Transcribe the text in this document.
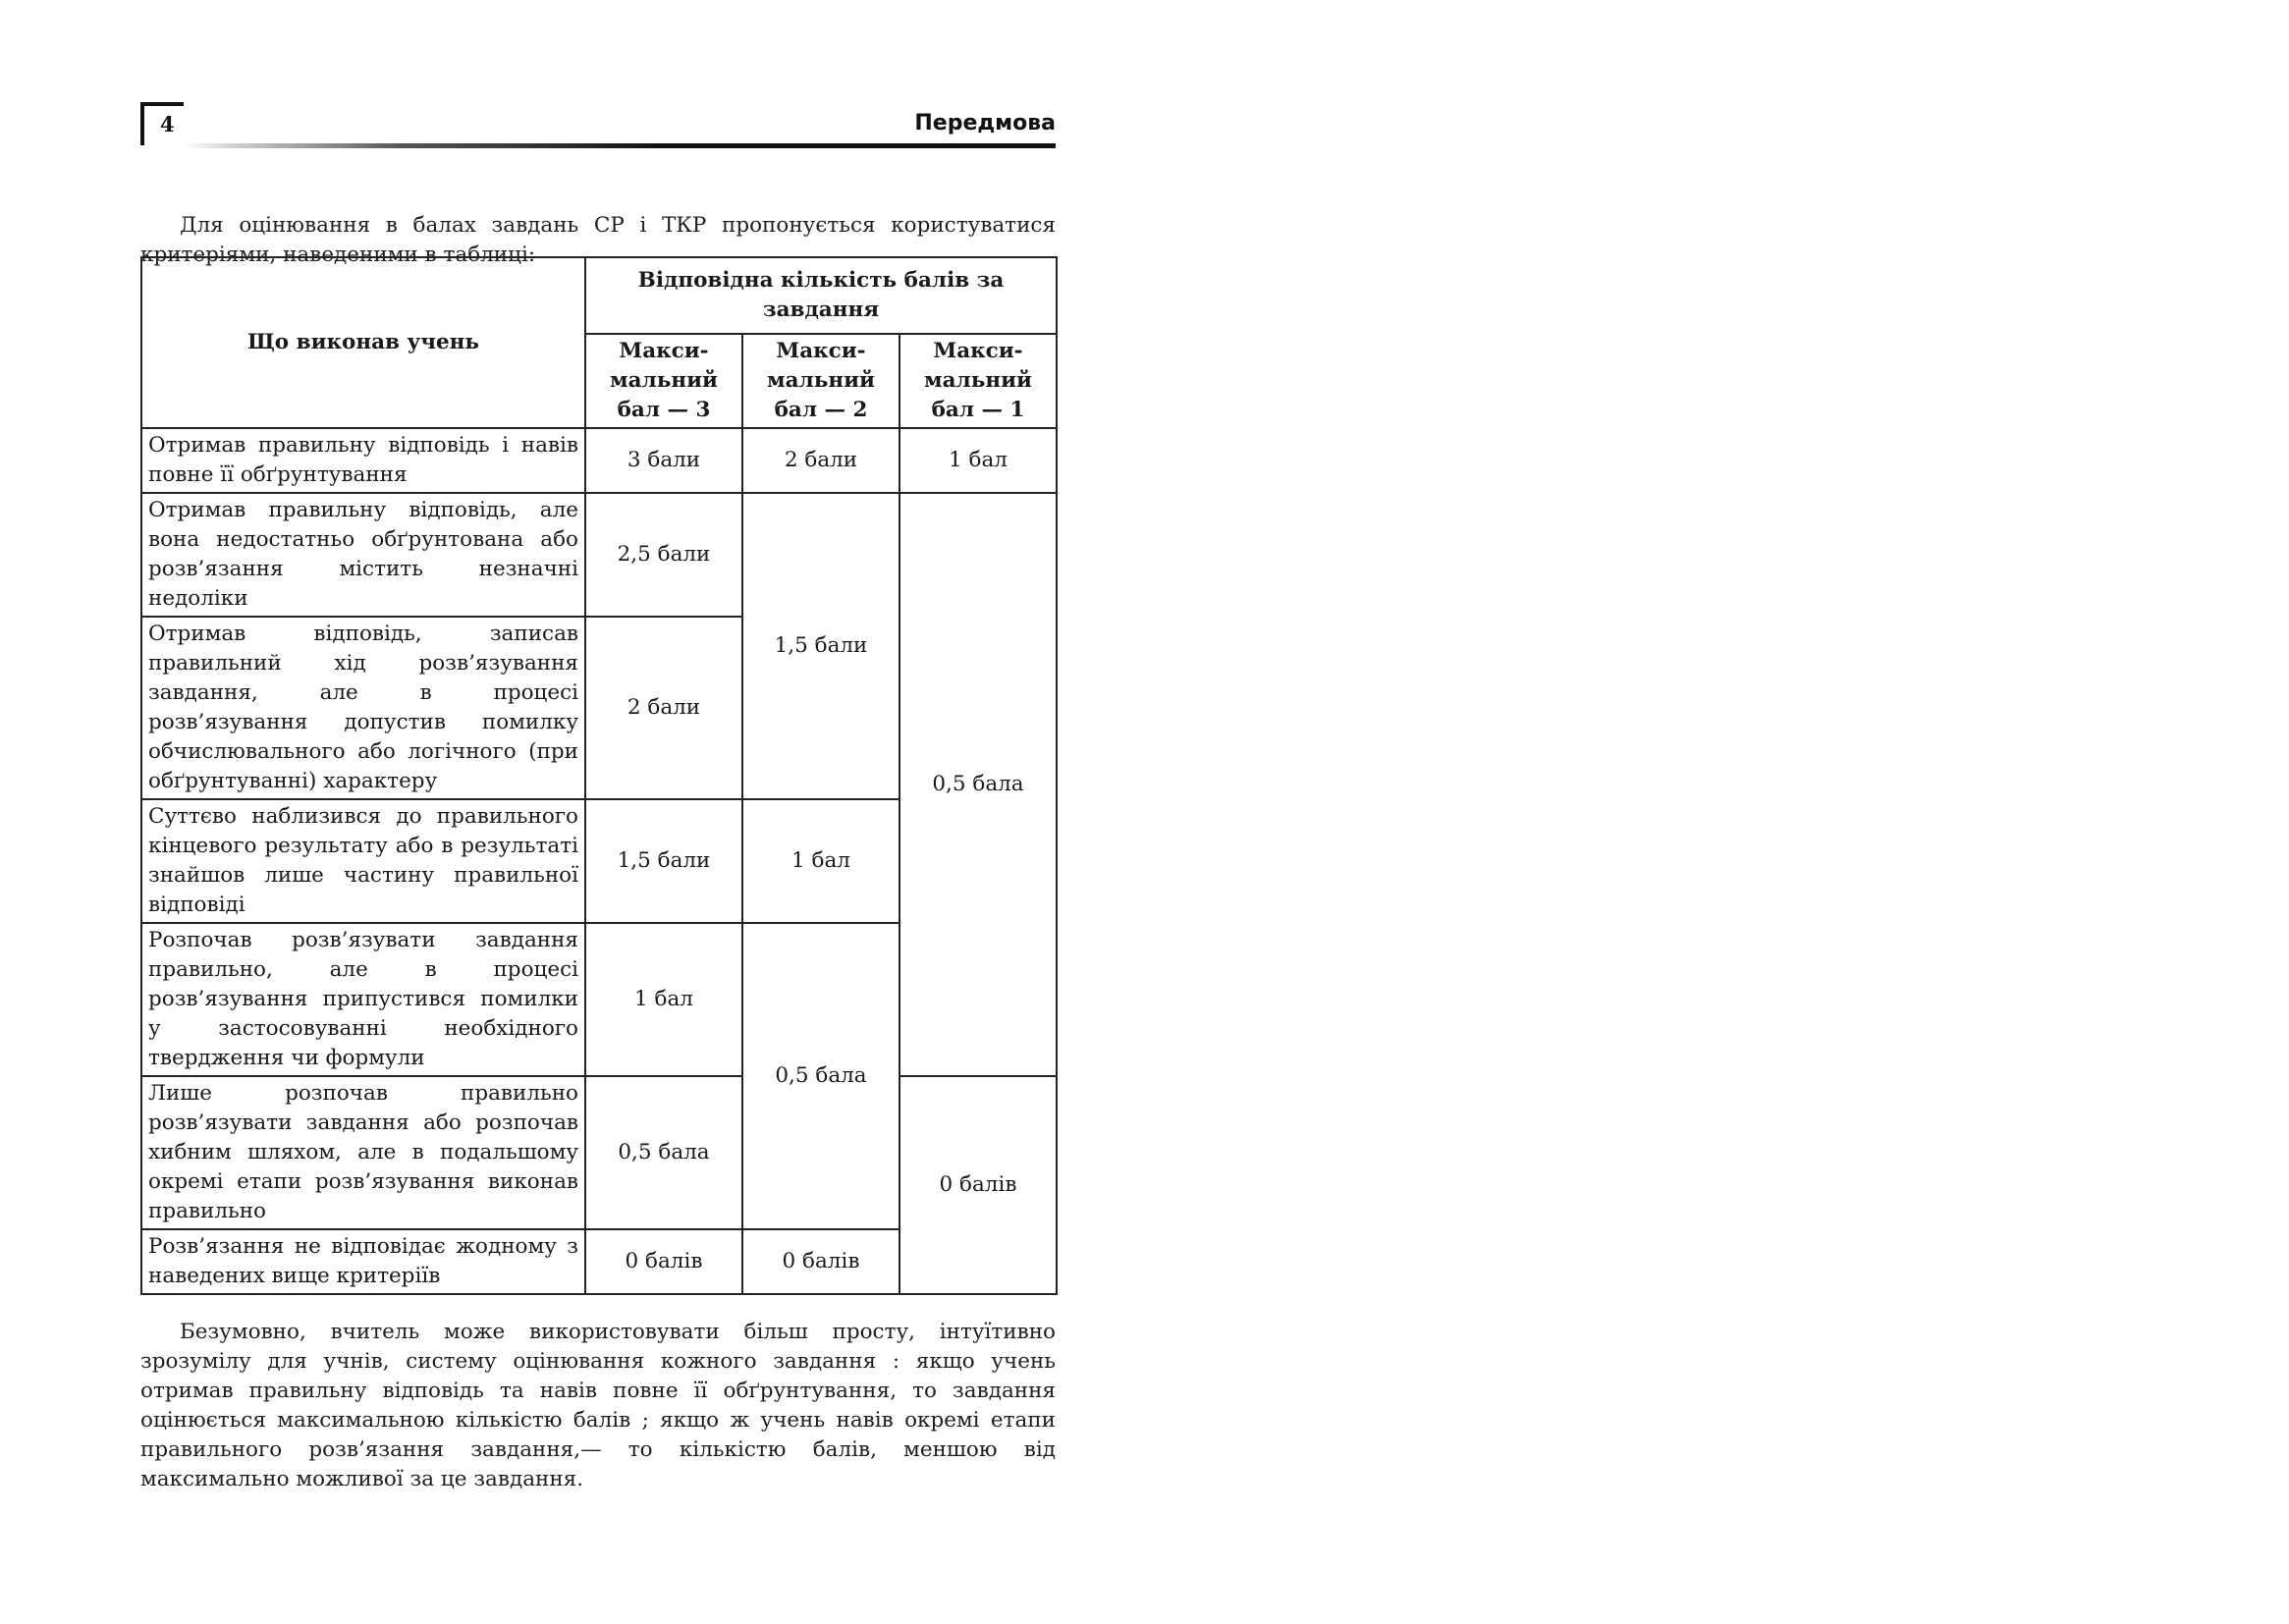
4	Передмова

Для оцінювання в балах завдань СР і ТКР пропонується користуватися критеріями, наведеними в таблиці:

Що виконав учень	Відповідна кількість балів за завдання		
	Макси-мальний бал — 3	Макси-мальний бал — 2	Макси-мальний бал — 1
Отримав правильну відповідь і навів повне її обґрунтування	3 бали	2 бали	1 бал
Отримав правильну відповідь, але вона недостатньо обґрунтована або розв’язання містить незначні недоліки	2,5 бали	1,5 бали	0,5 бала
Отримав відповідь, записав правильний хід розв’язування завдання, але в процесі розв’язування допустив помилку обчислювального або логічного (при обґрунтуванні) характеру	2 бали		
Суттєво наблизився до правильного кінцевого результату або в результаті знайшов лише частину правильної відповіді	1,5 бали	1 бал	
Розпочав розв’язувати завдання правильно, але в процесі розв’язування припустився помилки у застосовуванні необхідного твердження чи формули	1 бал	0,5 бала	
Лише розпочав правильно розв’язувати завдання або розпочав хибним шляхом, але в подальшому окремі етапи розв’язування виконав правильно	0,5 бала		0 балів
Розв’язання не відповідає жодному з наведених вище критеріїв	0 балів	0 балів	

Безумовно, вчитель може використовувати більш просту, інтуїтивно зрозумілу для учнів, систему оцінювання кожного завдання : якщо учень отримав правильну відповідь та навів повне її обґрунтування, то завдання оцінюється максимальною кількістю балів ; якщо ж учень навів окремі етапи правильного розв’язання завдання,— то кількістю балів, меншою від максимально можливої за це завдання.
